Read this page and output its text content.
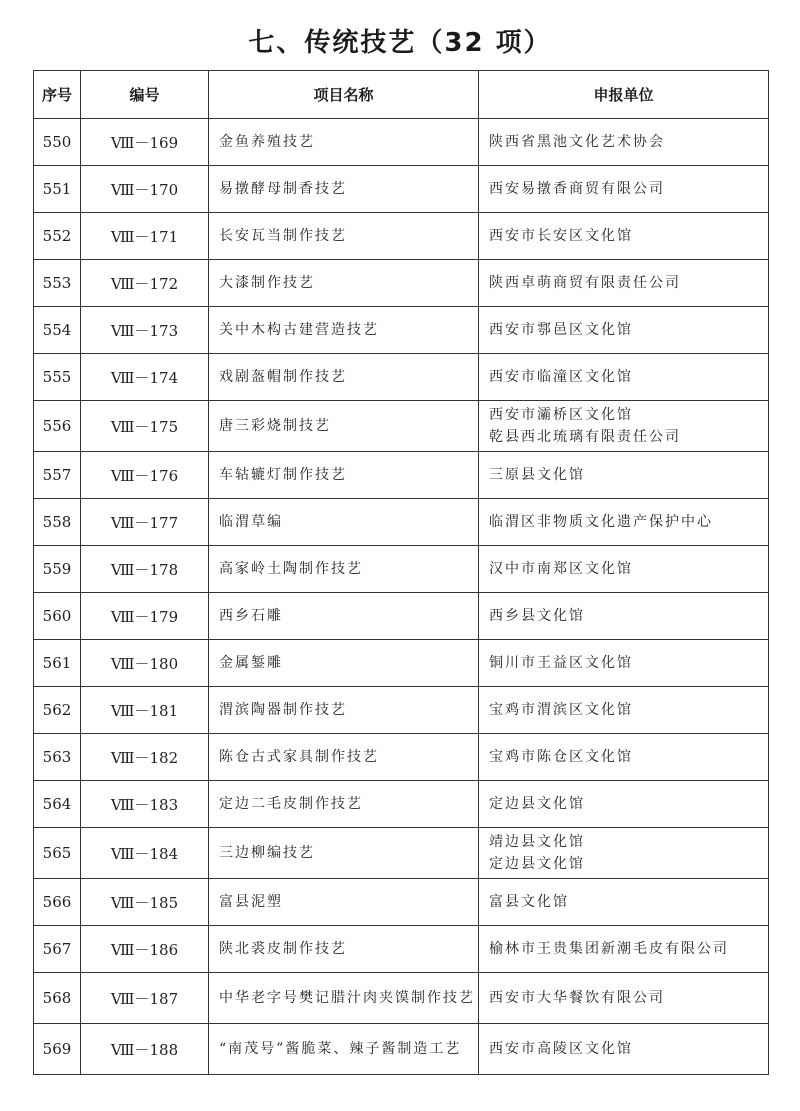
七、传统技艺（32 项）
序号	编号	项目名称	申报单位
550	Ⅷ－169	金鱼养殖技艺	陕西省黑池文化艺术协会

551	Ⅷ－170	易撴酵母制香技艺	西安易撴香商贸有限公司

552	Ⅷ－171	长安瓦当制作技艺	西安市长安区文化馆

553	Ⅷ－172	大漆制作技艺	陕西卓萌商贸有限责任公司

554	Ⅷ－173	关中木构古建营造技艺	西安市鄠邑区文化馆

555	Ⅷ－174	戏剧盔帽制作技艺	西安市临潼区文化馆

556	Ⅷ－175	唐三彩烧制技艺	西安市灞桥区文化馆
乾县西北琉璃有限责任公司

557	Ⅷ－176	车轱辘灯制作技艺	三原县文化馆

558	Ⅷ－177	临渭草编	临渭区非物质文化遗产保护中心

559	Ⅷ－178	高家岭土陶制作技艺	汉中市南郑区文化馆

560	Ⅷ－179	西乡石雕	西乡县文化馆

561	Ⅷ－180	金属錾雕	铜川市王益区文化馆

562	Ⅷ－181	渭滨陶器制作技艺	宝鸡市渭滨区文化馆

563	Ⅷ－182	陈仓古式家具制作技艺	宝鸡市陈仓区文化馆

564	Ⅷ－183	定边二毛皮制作技艺	定边县文化馆

565	Ⅷ－184	三边柳编技艺	靖边县文化馆
定边县文化馆

566	Ⅷ－185	富县泥塑	富县文化馆

567	Ⅷ－186	陕北裘皮制作技艺	榆林市王贵集团新潮毛皮有限公司

568	Ⅷ－187	中华老字号樊记腊汁肉夹馍制作技艺	西安市大华餐饮有限公司

569	Ⅷ－188	“南茂号”酱脆菜、辣子酱制造工艺	西安市高陵区文化馆
